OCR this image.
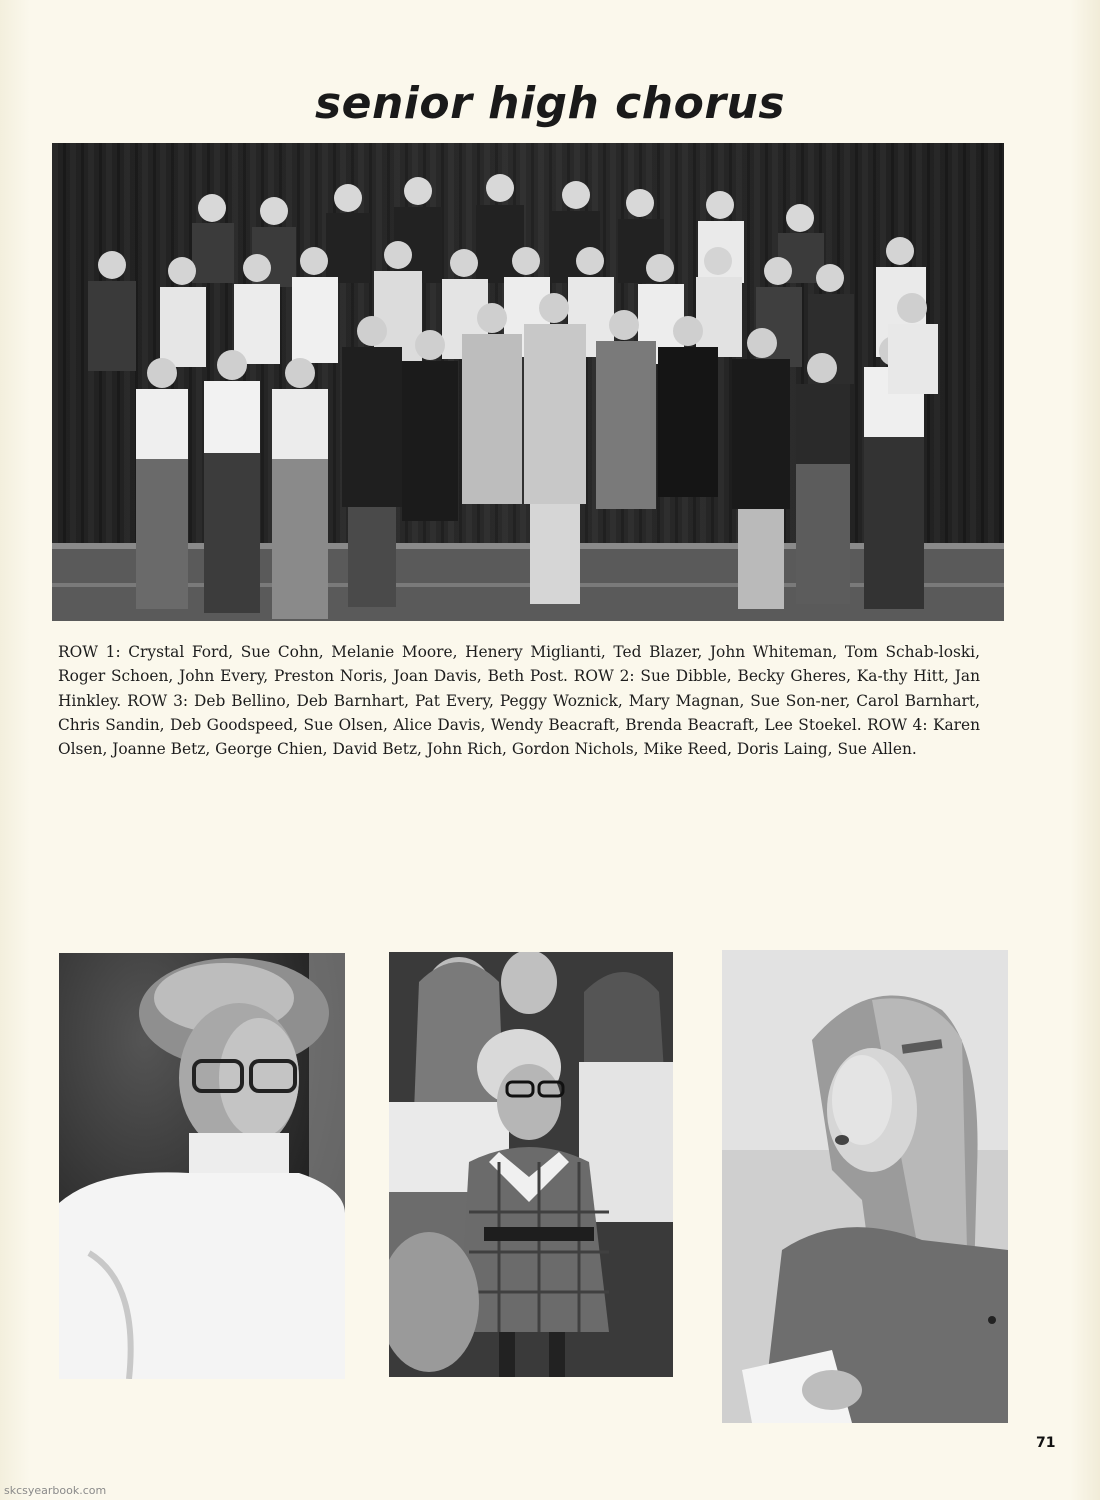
senior high chorus

ROW 1: Crystal Ford, Sue Cohn, Melanie Moore, Henery Miglianti, Ted Blazer, John Whiteman, Tom Schab-loski, Roger Schoen, John Every, Preston Noris, Joan Davis, Beth Post. ROW 2: Sue Dibble, Becky Gheres, Ka-thy Hitt, Jan Hinkley. ROW 3: Deb Bellino, Deb Barnhart, Pat Every, Peggy Woznick, Mary Magnan, Sue Son-ner, Carol Barnhart, Chris Sandin, Deb Goodspeed, Sue Olsen, Alice Davis, Wendy Beacraft, Brenda Beacraft, Lee Stoekel. ROW 4: Karen Olsen, Joanne Betz, George Chien, David Betz, John Rich, Gordon Nichols, Mike Reed, Doris Laing, Sue Allen.

71
skcsyearbook.com
